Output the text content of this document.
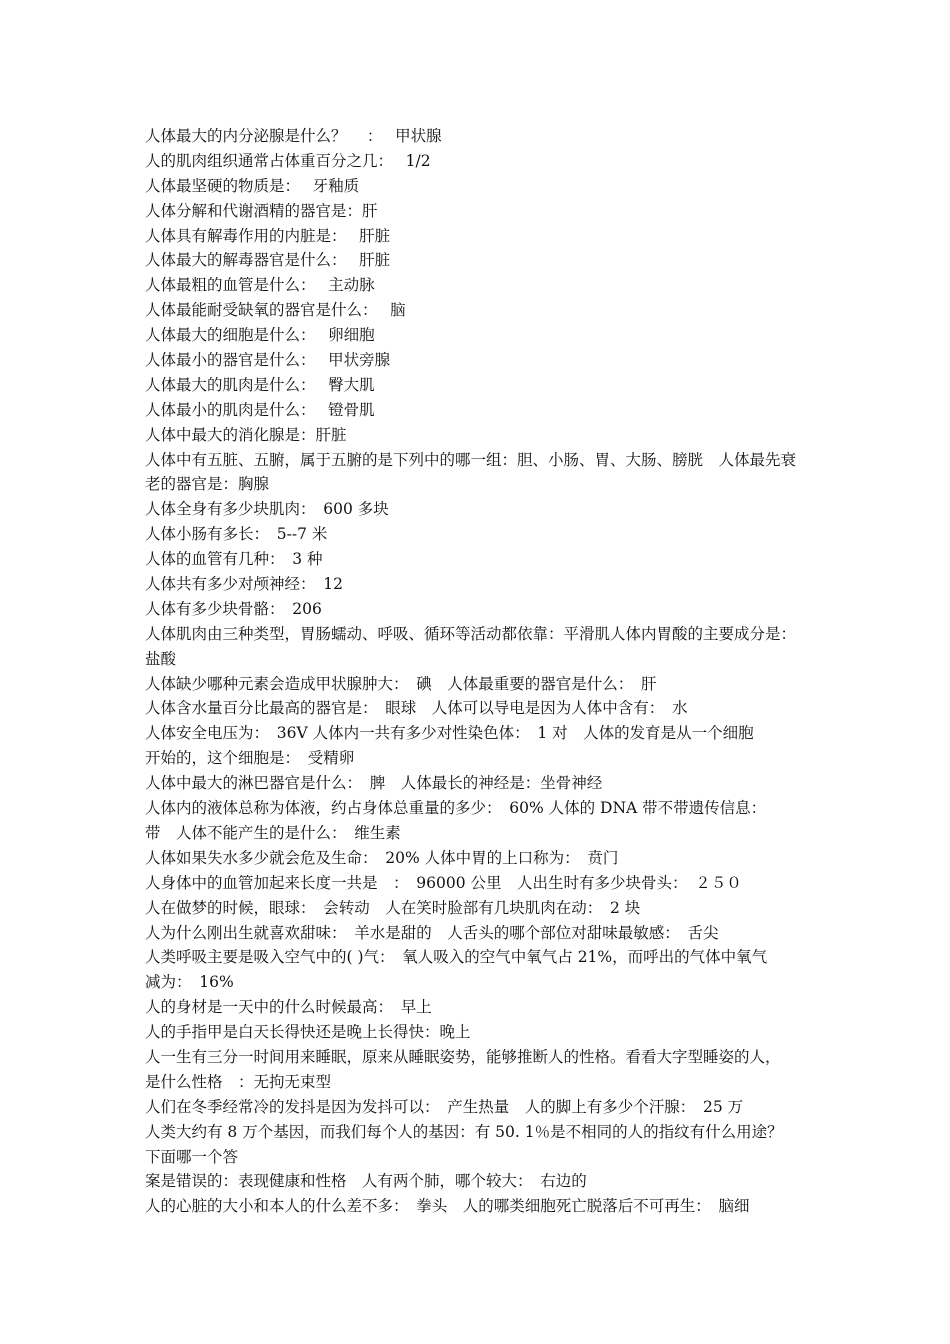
人体最大的内分泌腺是什么？　 ：　 甲状腺
人的肌肉组织通常占体重百分之几：　 1/2
人体最坚硬的物质是：　 牙釉质
人体分解和代谢酒精的器官是：肝
人体具有解毒作用的内脏是：　 肝脏
人体最大的解毒器官是什么：　 肝脏
人体最粗的血管是什么：　 主动脉
人体最能耐受缺氧的器官是什么：　 脑
人体最大的细胞是什么：　 卵细胞
人体最小的器官是什么：　 甲状旁腺
人体最大的肌肉是什么：　 臀大肌
人体最小的肌肉是什么：　 镫骨肌
人体中最大的消化腺是：肝脏
人体中有五脏、五腑，属于五腑的是下列中的哪一组：胆、小肠、胃、大肠、膀胱　人体最先衰
老的器官是：胸腺
人体全身有多少块肌肉：　600 多块
人体小肠有多长：　5--7 米
人体的血管有几种：　3 种
人体共有多少对颅神经：　12
人体有多少块骨骼：　206
人体肌肉由三种类型，胃肠蠕动、呼吸、循环等活动都依靠：平滑肌人体内胃酸的主要成分是：
盐酸
人体缺少哪种元素会造成甲状腺肿大：　碘　人体最重要的器官是什么：　肝
人体含水量百分比最高的器官是：　眼球　人体可以导电是因为人体中含有：　水
人体安全电压为：　36V 人体内一共有多少对性染色体：　1 对　人体的发育是从一个细胞
开始的，这个细胞是：　受精卵
人体中最大的淋巴器官是什么：　脾　人体最长的神经是：坐骨神经
人体内的液体总称为体液，约占身体总重量的多少：　60% 人体的 DNA 带不带遗传信息：
带　人体不能产生的是什么：　维生素
人体如果失水多少就会危及生命：　20% 人体中胃的上口称为：　贲门
人身体中的血管加起来长度一共是　：　96000 公里　人出生时有多少块骨头：　２５０
人在做梦的时候，眼球：　会转动　人在笑时脸部有几块肌肉在动：　2 块
人为什么刚出生就喜欢甜味：　羊水是甜的　人舌头的哪个部位对甜味最敏感：　舌尖
人类呼吸主要是吸入空气中的( )气：　氧人吸入的空气中氧气占 21%，而呼出的气体中氧气
减为：　16%
人的身材是一天中的什么时候最高：　早上
人的手指甲是白天长得快还是晚上长得快：晚上
人一生有三分一时间用来睡眠，原来从睡眠姿势，能够推断人的性格。看看大字型睡姿的人，
是什么性格　：无拘无束型
人们在冬季经常冷的发抖是因为发抖可以：　产生热量　人的脚上有多少个汗腺：　25 万
人类大约有 8 万个基因，而我们每个人的基因：有 50. 1％是不相同的人的指纹有什么用途？
下面哪一个答
案是错误的：表现健康和性格　人有两个肺，哪个较大：　右边的
人的心脏的大小和本人的什么差不多：　拳头　人的哪类细胞死亡脱落后不可再生：　脑细
